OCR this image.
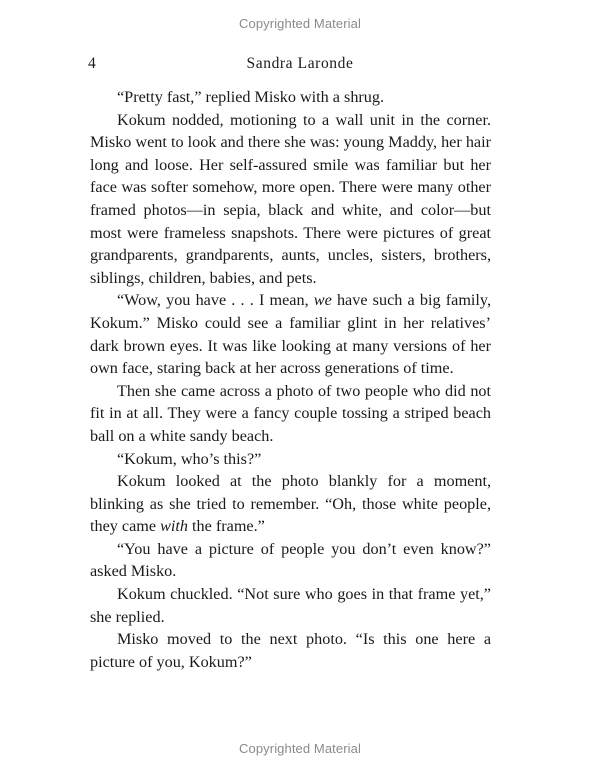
Copyrighted Material
4	Sandra Laronde

“Pretty fast,” replied Misko with a shrug.

Kokum nodded, motioning to a wall unit in the corner. Misko went to look and there she was: young Maddy, her hair long and loose. Her self-assured smile was familiar but her face was softer somehow, more open. There were many other framed photos—in sepia, black and white, and color—but most were frameless snapshots. There were pictures of great grandparents, grandparents, aunts, uncles, sisters, brothers, siblings, children, babies, and pets.

“Wow, you have . . . I mean, we have such a big family, Kokum.” Misko could see a familiar glint in her relatives’ dark brown eyes. It was like looking at many versions of her own face, staring back at her across generations of time.

Then she came across a photo of two people who did not fit in at all. They were a fancy couple tossing a striped beach ball on a white sandy beach.

“Kokum, who’s this?”

Kokum looked at the photo blankly for a moment, blinking as she tried to remember. “Oh, those white people, they came with the frame.”

“You have a picture of people you don’t even know?” asked Misko.

Kokum chuckled. “Not sure who goes in that frame yet,” she replied.

Misko moved to the next photo. “Is this one here a picture of you, Kokum?”

Copyrighted Material
